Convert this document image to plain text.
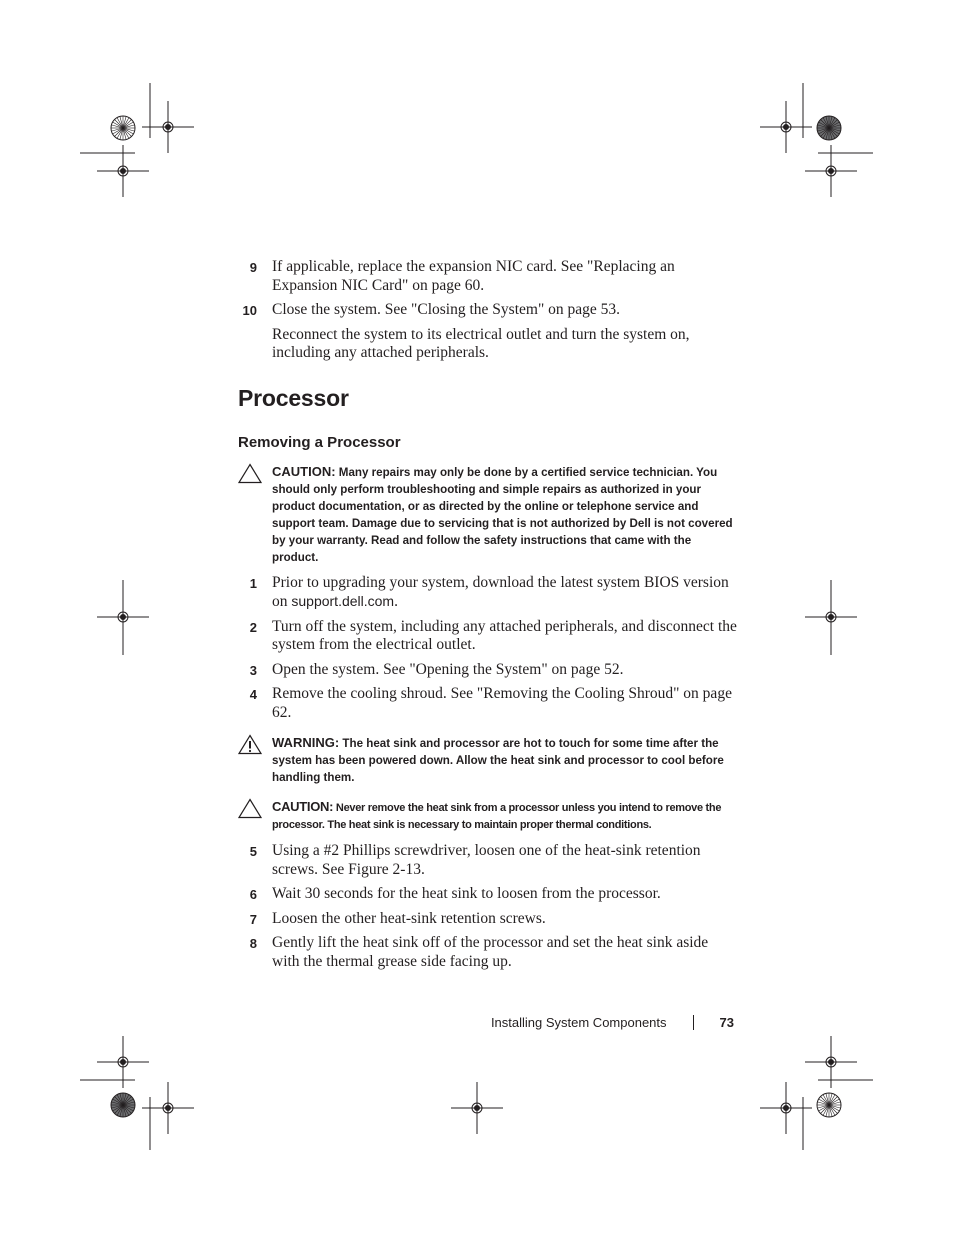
9 If applicable, replace the expansion NIC card. See "Replacing an Expansion NIC Card" on page 60.
10 Close the system. See "Closing the System" on page 53.
Reconnect the system to its electrical outlet and turn the system on, including any attached peripherals.
Processor
Removing a Processor
CAUTION: Many repairs may only be done by a certified service technician. You should only perform troubleshooting and simple repairs as authorized in your product documentation, or as directed by the online or telephone service and support team. Damage due to servicing that is not authorized by Dell is not covered by your warranty. Read and follow the safety instructions that came with the product.
1 Prior to upgrading your system, download the latest system BIOS version on support.dell.com.
2 Turn off the system, including any attached peripherals, and disconnect the system from the electrical outlet.
3 Open the system. See "Opening the System" on page 52.
4 Remove the cooling shroud. See "Removing the Cooling Shroud" on page 62.
WARNING: The heat sink and processor are hot to touch for some time after the system has been powered down. Allow the heat sink and processor to cool before handling them.
CAUTION: Never remove the heat sink from a processor unless you intend to remove the processor. The heat sink is necessary to maintain proper thermal conditions.
5 Using a #2 Phillips screwdriver, loosen one of the heat-sink retention screws. See Figure 2-13.
6 Wait 30 seconds for the heat sink to loosen from the processor.
7 Loosen the other heat-sink retention screws.
8 Gently lift the heat sink off of the processor and set the heat sink aside with the thermal grease side facing up.
Installing System Components	73
